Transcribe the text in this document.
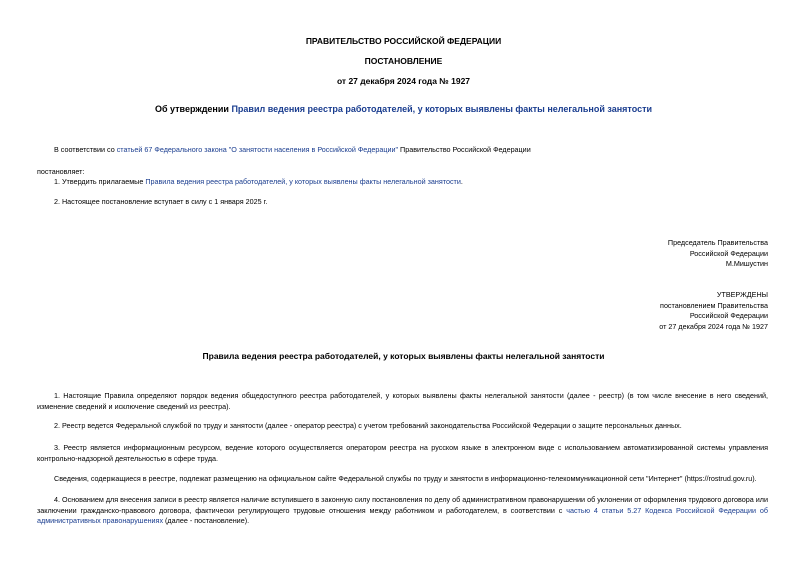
ПРАВИТЕЛЬСТВО РОССИЙСКОЙ ФЕДЕРАЦИИ
ПОСТАНОВЛЕНИЕ
от 27 декабря 2024 года № 1927
Об утверждении Правил ведения реестра работодателей, у которых выявлены факты нелегальной занятости
В соответствии со статьей 67 Федерального закона "О занятости населения в Российской Федерации" Правительство Российской Федерации
постановляет:
1. Утвердить прилагаемые Правила ведения реестра работодателей, у которых выявлены факты нелегальной занятости.
2. Настоящее постановление вступает в силу с 1 января 2025 г.
Председатель Правительства
Российской Федерации
М.Мишустин
УТВЕРЖДЕНЫ
постановлением Правительства
Российской Федерации
от 27 декабря 2024 года № 1927
Правила ведения реестра работодателей, у которых выявлены факты нелегальной занятости
1. Настоящие Правила определяют порядок ведения общедоступного реестра работодателей, у которых выявлены факты нелегальной занятости (далее - реестр) (в том числе внесение в него сведений, изменение сведений и исключение сведений из реестра).
2. Реестр ведется Федеральной службой по труду и занятости (далее - оператор реестра) с учетом требований законодательства Российской Федерации о защите персональных данных.
3. Реестр является информационным ресурсом, ведение которого осуществляется оператором реестра на русском языке в электронном виде с использованием автоматизированной системы управления контрольно-надзорной деятельностью в сфере труда.
Сведения, содержащиеся в реестре, подлежат размещению на официальном сайте Федеральной службы по труду и занятости в информационно-телекоммуникационной сети "Интернет" (https://rostrud.gov.ru).
4. Основанием для внесения записи в реестр является наличие вступившего в законную силу постановления по делу об административном правонарушении об уклонении от оформления трудового договора или заключении гражданско-правового договора, фактически регулирующего трудовые отношения между работником и работодателем, в соответствии с частью 4 статьи 5.27 Кодекса Российской Федерации об административных правонарушениях (далее - постановление).
